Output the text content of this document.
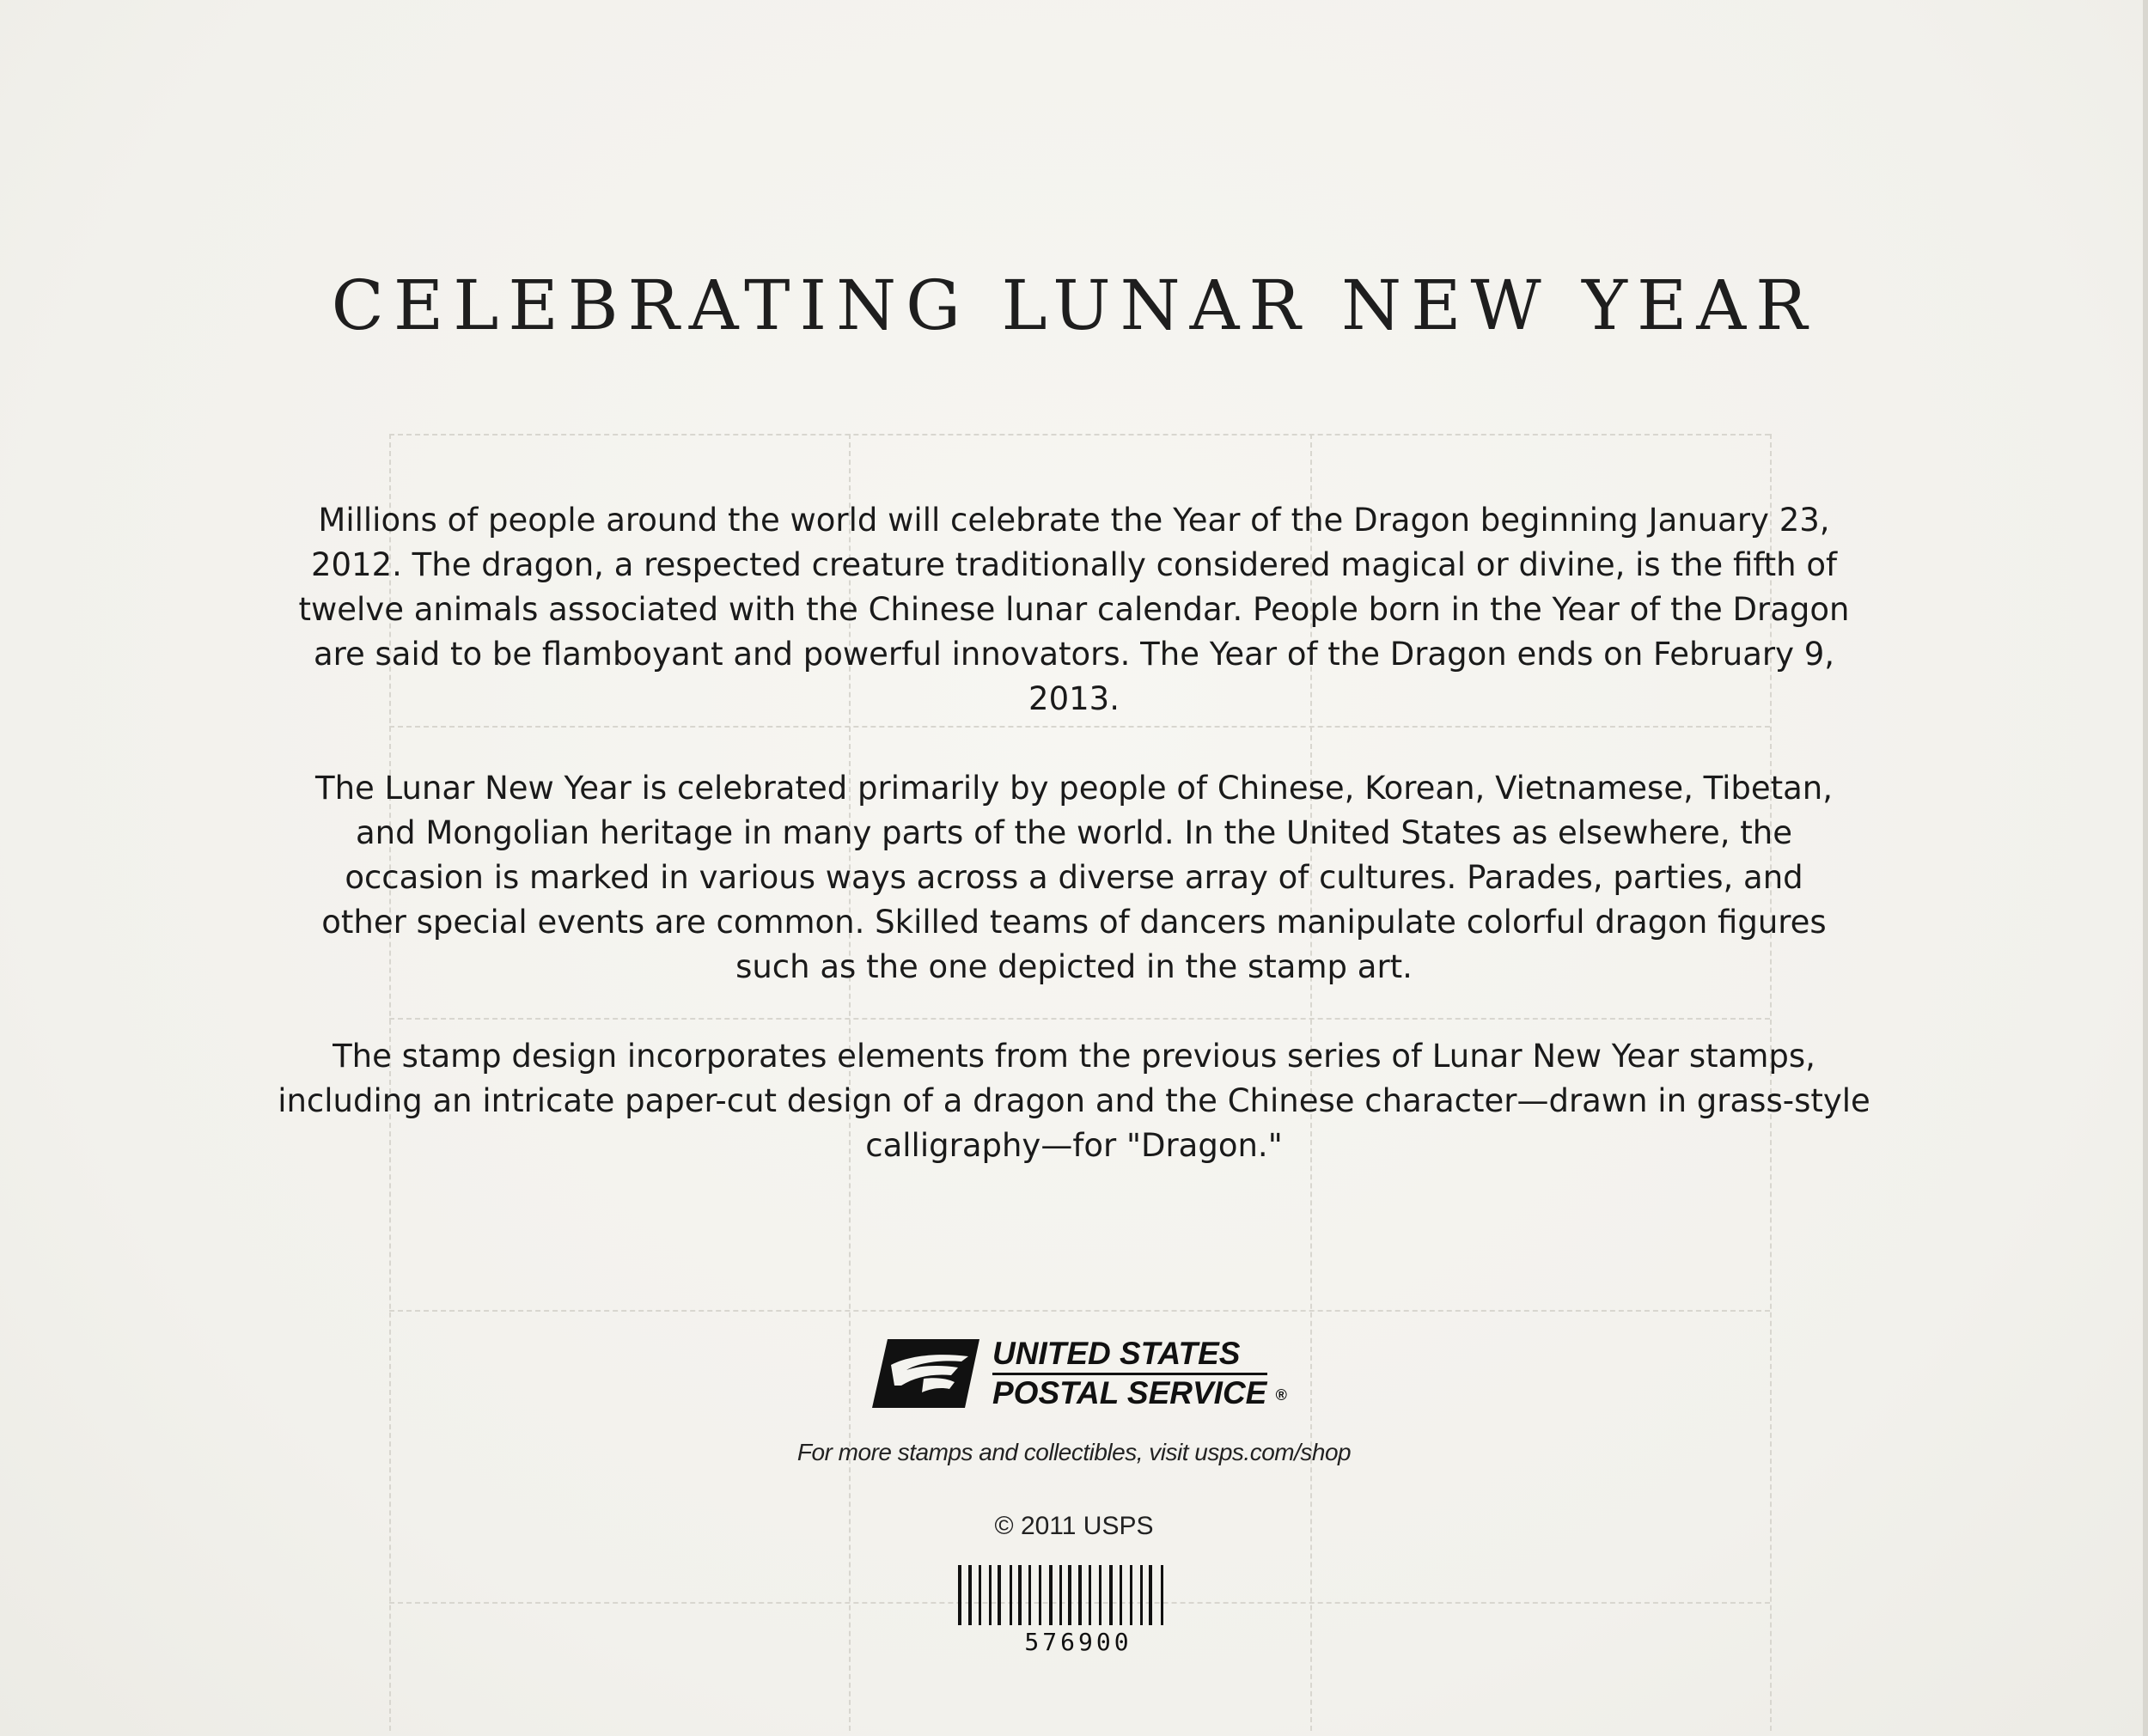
CELEBRATING LUNAR NEW YEAR
Millions of people around the world will celebrate the Year of the Dragon beginning January 23, 2012. The dragon, a respected creature traditionally considered magical or divine, is the fifth of twelve animals associated with the Chinese lunar calendar. People born in the Year of the Dragon are said to be flamboyant and powerful innovators. The Year of the Dragon ends on February 9, 2013.
The Lunar New Year is celebrated primarily by people of Chinese, Korean, Vietnamese, Tibetan, and Mongolian heritage in many parts of the world. In the United States as elsewhere, the occasion is marked in various ways across a diverse array of cultures. Parades, parties, and other special events are common. Skilled teams of dancers manipulate colorful dragon figures such as the one depicted in the stamp art.
The stamp design incorporates elements from the previous series of Lunar New Year stamps, including an intricate paper-cut design of a dragon and the Chinese character—drawn in grass-style calligraphy—for "Dragon."
UNITED STATES
POSTAL SERVICE ®
For more stamps and collectibles, visit usps.com/shop
© 2011 USPS
576900
